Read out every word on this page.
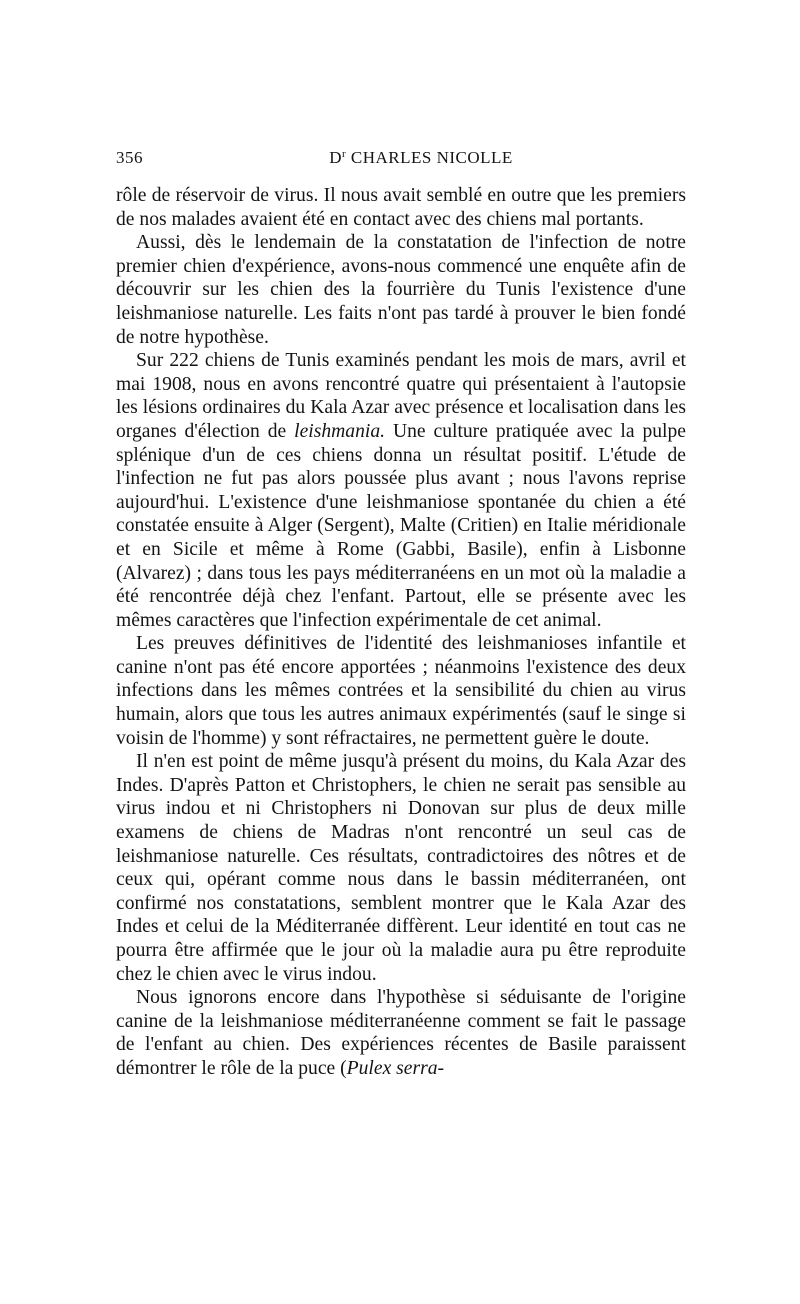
356	$D^r$ CHARLES NICOLLE

rôle de réservoir de virus. Il nous avait semblé en outre que les premiers de nos malades avaient été en contact avec des chiens mal portants.

Aussi, dès le lendemain de la constatation de l'infection de notre premier chien d'expérience, avons-nous commencé une enquête afin de découvrir sur les chien des la fourrière du Tunis l'existence d'une leishmaniose naturelle. Les faits n'ont pas tardé à prouver le bien fondé de notre hypothèse.

Sur 222 chiens de Tunis examinés pendant les mois de mars, avril et mai 1908, nous en avons rencontré quatre qui présentaient à l'autopsie les lésions ordinaires du Kala Azar avec présence et localisation dans les organes d'élection de leishmania. Une culture pratiquée avec la pulpe splénique d'un de ces chiens donna un résultat positif. L'étude de l'infection ne fut pas alors poussée plus avant ; nous l'avons reprise aujourd'hui. L'existence d'une leishmaniose spontanée du chien a été constatée ensuite à Alger (Sergent), Malte (Critien) en Italie méridionale et en Sicile et même à Rome (Gabbi, Basile), enfin à Lisbonne (Alvarez) ; dans tous les pays méditerranéens en un mot où la maladie a été rencontrée déjà chez l'enfant. Partout, elle se présente avec les mêmes caractères que l'infection expérimentale de cet animal.

Les preuves définitives de l'identité des leishmanioses infantile et canine n'ont pas été encore apportées ; néanmoins l'existence des deux infections dans les mêmes contrées et la sensibilité du chien au virus humain, alors que tous les autres animaux expérimentés (sauf le singe si voisin de l'homme) y sont réfractaires, ne permettent guère le doute.

Il n'en est point de même jusqu'à présent du moins, du Kala Azar des Indes. D'après Patton et Christophers, le chien ne serait pas sensible au virus indou et ni Christophers ni Donovan sur plus de deux mille examens de chiens de Madras n'ont rencontré un seul cas de leishmaniose naturelle. Ces résultats, contradictoires des nôtres et de ceux qui, opérant comme nous dans le bassin méditerranéen, ont confirmé nos constatations, semblent montrer que le Kala Azar des Indes et celui de la Méditerranée diffèrent. Leur identité en tout cas ne pourra être affirmée que le jour où la maladie aura pu être reproduite chez le chien avec le virus indou.

Nous ignorons encore dans l'hypothèse si séduisante de l'origine canine de la leishmaniose méditerranéenne comment se fait le passage de l'enfant au chien. Des expériences récentes de Basile paraissent démontrer le rôle de la puce (Pulex serra-
